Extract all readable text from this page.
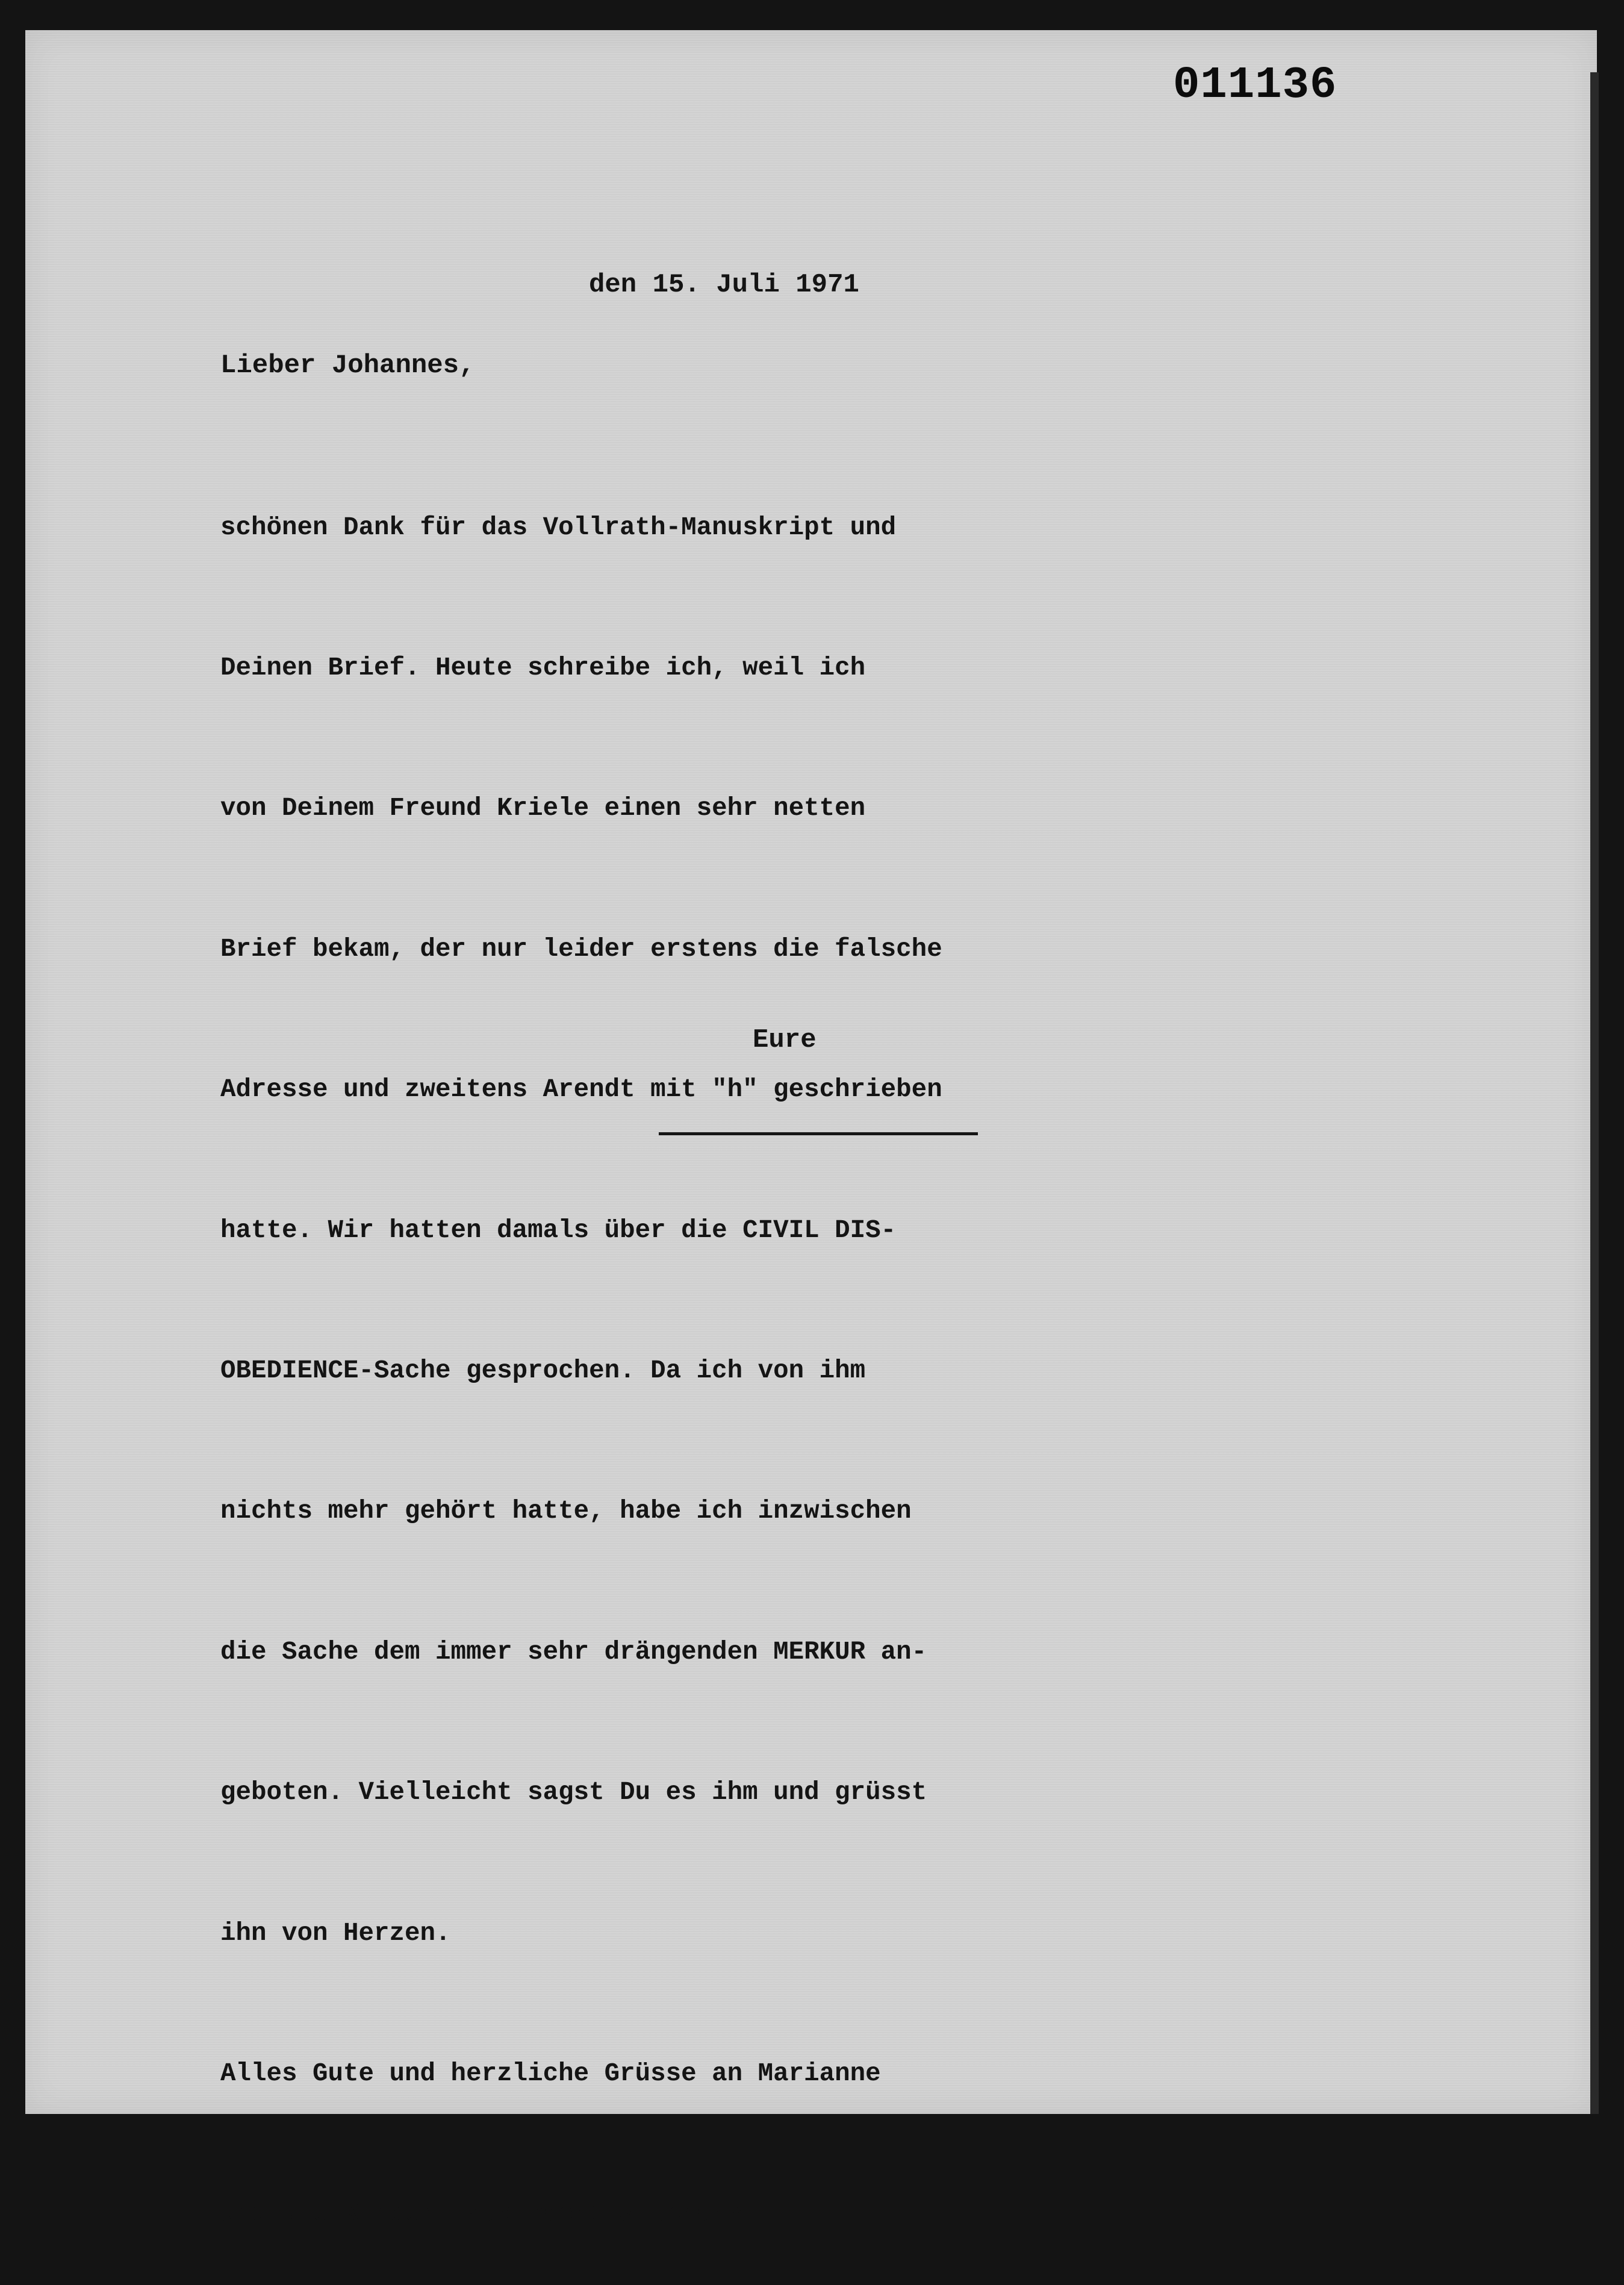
011136
den 15. Juli 1971
Lieber Johannes,

schönen Dank für das Vollrath-Manuskript und

Deinen Brief. Heute schreibe ich, weil ich

von Deinem Freund Kriele einen sehr netten

Brief bekam, der nur leider erstens die falsche

Adresse und zweitens Arendt mit "h" geschrieben

hatte. Wir hatten damals über die CIVIL DIS-

OBEDIENCE-Sache gesprochen. Da ich von ihm

nichts mehr gehört hatte, habe ich inzwischen

die Sache dem immer sehr drängenden MERKUR an-

geboten. Vielleicht sagst Du es ihm und grüsst

ihn von Herzen.

Alles Gute und herzliche Grüsse an Marianne

und die Kinder. Was macht Stephan?

Eure
